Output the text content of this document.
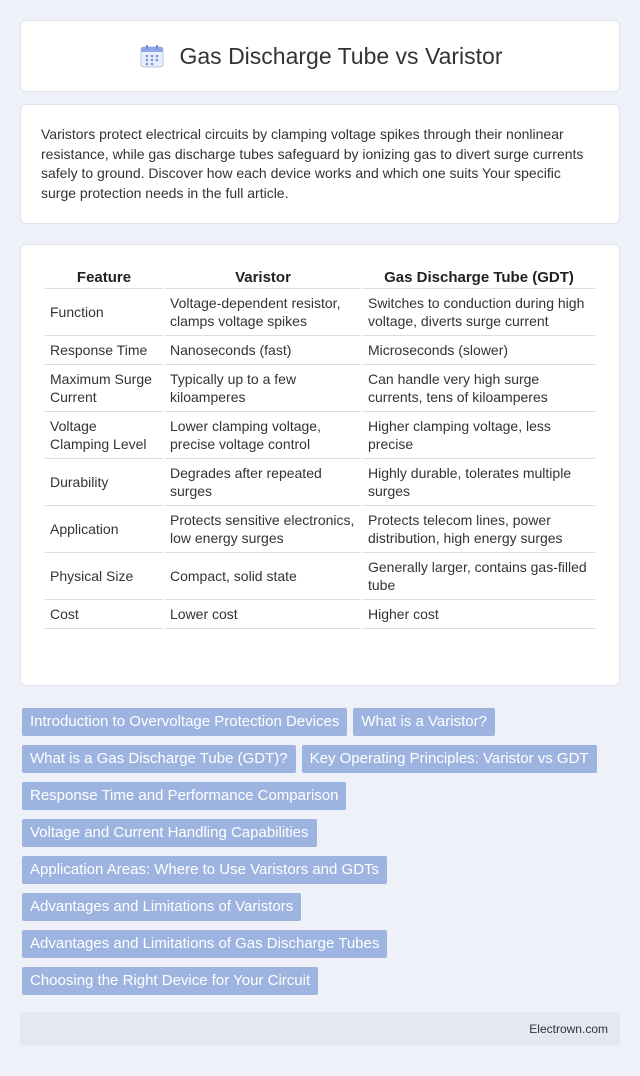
Gas Discharge Tube vs Varistor

Varistors protect electrical circuits by clamping voltage spikes through their nonlinear resistance, while gas discharge tubes safeguard by ionizing gas to divert surge currents safely to ground. Discover how each device works and which one suits Your specific surge protection needs in the full article.

Feature	Varistor	Gas Discharge Tube (GDT)
Function	Voltage-dependent resistor, clamps voltage spikes	Switches to conduction during high voltage, diverts surge current
Response Time	Nanoseconds (fast)	Microseconds (slower)
Maximum Surge Current	Typically up to a few kiloamperes	Can handle very high surge currents, tens of kiloamperes
Voltage Clamping Level	Lower clamping voltage, precise voltage control	Higher clamping voltage, less precise
Durability	Degrades after repeated surges	Highly durable, tolerates multiple surges
Application	Protects sensitive electronics, low energy surges	Protects telecom lines, power distribution, high energy surges
Physical Size	Compact, solid state	Generally larger, contains gas-filled tube
Cost	Lower cost	Higher cost
Introduction to Overvoltage Protection Devices	What is a Varistor?
What is a Gas Discharge Tube (GDT)?	Key Operating Principles: Varistor vs GDT
Response Time and Performance Comparison
Voltage and Current Handling Capabilities
Application Areas: Where to Use Varistors and GDTs
Advantages and Limitations of Varistors
Advantages and Limitations of Gas Discharge Tubes
Choosing the Right Device for Your Circuit
Electrown.com
